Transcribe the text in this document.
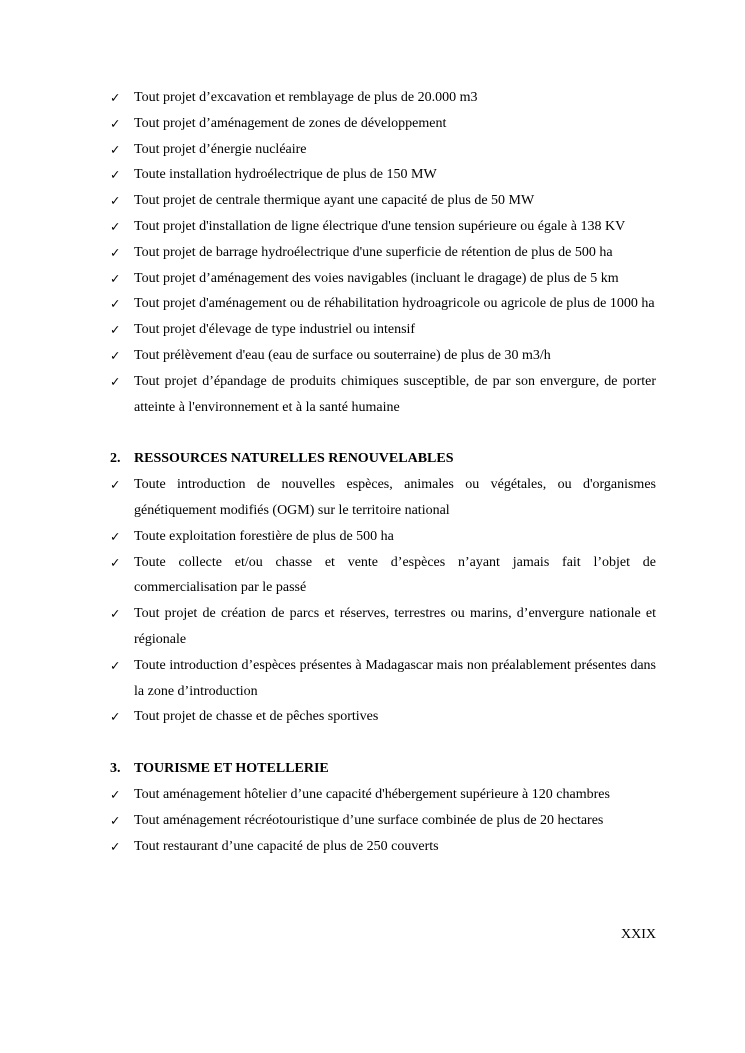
✓ Tout projet d’excavation et remblayage de plus de 20.000 m3
✓ Tout projet d’aménagement de zones de développement
✓ Tout projet d’énergie nucléaire
✓ Toute installation hydroélectrique de plus de 150 MW
✓ Tout projet de centrale thermique ayant une capacité de plus de 50 MW
✓ Tout projet d'installation de ligne électrique d'une tension supérieure ou égale à 138 KV
✓ Tout projet de barrage hydroélectrique d'une superficie de rétention de plus de 500 ha
✓ Tout projet d’aménagement des voies navigables (incluant le dragage) de plus de 5 km
✓ Tout projet d'aménagement ou de réhabilitation hydroagricole ou agricole de plus de 1000 ha
✓ Tout projet d'élevage de type industriel ou intensif
✓ Tout prélèvement d'eau (eau de surface ou souterraine) de plus de 30 m3/h
✓ Tout projet d’épandage de produits chimiques susceptible, de par son envergure, de porter atteinte à l'environnement et à la santé humaine
2. RESSOURCES NATURELLES RENOUVELABLES
✓ Toute introduction de nouvelles espèces, animales ou végétales, ou d'organismes génétiquement modifiés (OGM) sur le territoire national
✓ Toute exploitation forestière de plus de 500 ha
✓ Toute collecte et/ou chasse et vente d’espèces n’ayant jamais fait l’objet de commercialisation par le passé
✓ Tout projet de création de parcs et réserves, terrestres ou marins, d’envergure nationale et régionale
✓ Toute introduction d’espèces présentes à Madagascar mais non préalablement présentes dans la zone d’introduction
✓ Tout projet de chasse et de pêches sportives
3. TOURISME ET HOTELLERIE
✓ Tout aménagement hôtelier d’une capacité d'hébergement supérieure à 120 chambres
✓ Tout aménagement récréotouristique d’une surface combinée de plus de 20 hectares
✓ Tout restaurant d’une capacité de plus de 250 couverts
XXIX
